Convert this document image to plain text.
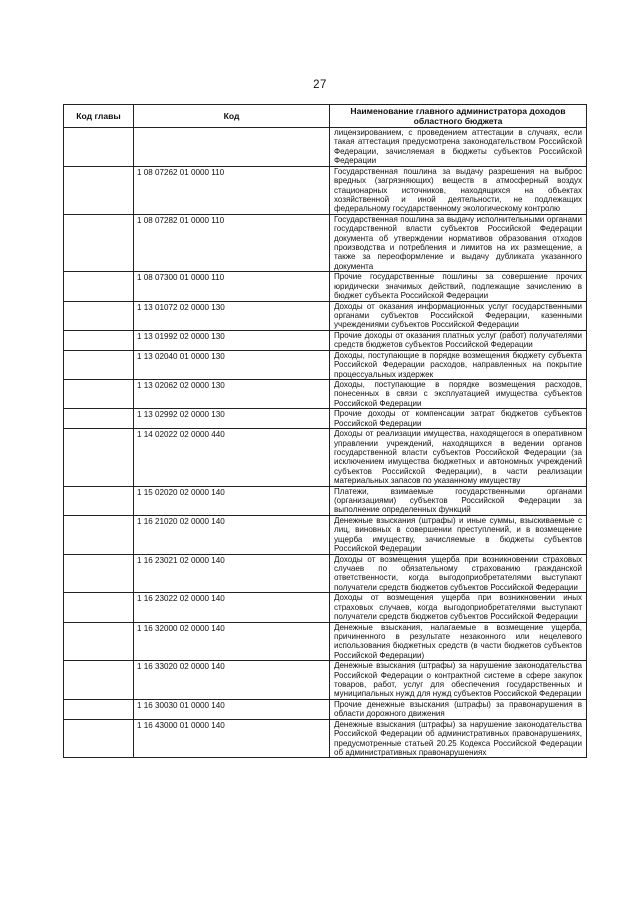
27
Код главы	Код	Наименование главного администратора доходов областного бюджета
		лицензированием, с проведением аттестации в случаях, если такая аттестация предусмотрена законодательством Российской Федерации, зачисляемая в бюджеты субъектов Российской Федерации
	1 08 07262 01 0000 110	Государственная пошлина за выдачу разрешения на выброс вредных (загрязняющих) веществ в атмосферный воздух стационарных источников, находящихся на объектах хозяйственной и иной деятельности, не подлежащих федеральному государственному экологическому контролю
	1 08 07282 01 0000 110	Государственная пошлина за выдачу исполнительными органами государственной власти субъектов Российской Федерации документа об утверждении нормативов образования отходов производства и потребления и лимитов на их размещение, а также за переоформление и выдачу дубликата указанного документа
	1 08 07300 01 0000 110	Прочие государственные пошлины за совершение прочих юридически значимых действий, подлежащие зачислению в бюджет субъекта Российской Федерации
	1 13 01072 02 0000 130	Доходы от оказания информационных услуг государственными органами субъектов Российской Федерации, казенными учреждениями субъектов Российской Федерации
	1 13 01992 02 0000 130	Прочие доходы от оказания платных услуг (работ) получателями средств бюджетов субъектов Российской Федерации
	1 13 02040 01 0000 130	Доходы, поступающие в порядке возмещения бюджету субъекта Российской Федерации расходов, направленных на покрытие процессуальных издержек
	1 13 02062 02 0000 130	Доходы, поступающие в порядке возмещения расходов, понесенных в связи с эксплуатацией имущества субъектов Российской Федерации
	1 13 02992 02 0000 130	Прочие доходы от компенсации затрат бюджетов субъектов Российской Федерации
	1 14 02022 02 0000 440	Доходы от реализации имущества, находящегося в оперативном управлении учреждений, находящихся в ведении органов государственной власти субъектов Российской Федерации (за исключением имущества бюджетных и автономных учреждений субъектов Российской Федерации), в части реализации материальных запасов по указанному имуществу
	1 15 02020 02 0000 140	Платежи, взимаемые государственными органами (организациями) субъектов Российской Федерации за выполнение определенных функций
	1 16 21020 02 0000 140	Денежные взыскания (штрафы) и иные суммы, взыскиваемые с лиц, виновных в совершении преступлений, и в возмещение ущерба имуществу, зачисляемые в бюджеты субъектов Российской Федерации
	1 16 23021 02 0000 140	Доходы от возмещения ущерба при возникновении страховых случаев по обязательному страхованию гражданской ответственности, когда выгодоприобретателями выступают получатели средств бюджетов субъектов Российской Федерации
	1 16 23022 02 0000 140	Доходы от возмещения ущерба при возникновении иных страховых случаев, когда выгодоприобретателями выступают получатели средств бюджетов субъектов Российской Федерации
	1 16 32000 02 0000 140	Денежные взыскания, налагаемые в возмещение ущерба, причиненного в результате незаконного или нецелевого использования бюджетных средств (в части бюджетов субъектов Российской Федерации)
	1 16 33020 02 0000 140	Денежные взыскания (штрафы) за нарушение законодательства Российской Федерации о контрактной системе в сфере закупок товаров, работ, услуг для обеспечения государственных и муниципальных нужд для нужд субъектов Российской Федерации
	1 16 30030 01 0000 140	Прочие денежные взыскания (штрафы) за правонарушения в области дорожного движения
	1 16 43000 01 0000 140	Денежные взыскания (штрафы) за нарушение законодательства Российской Федерации об административных правонарушениях, предусмотренные статьей 20.25 Кодекса Российской Федерации об административных правонарушениях
